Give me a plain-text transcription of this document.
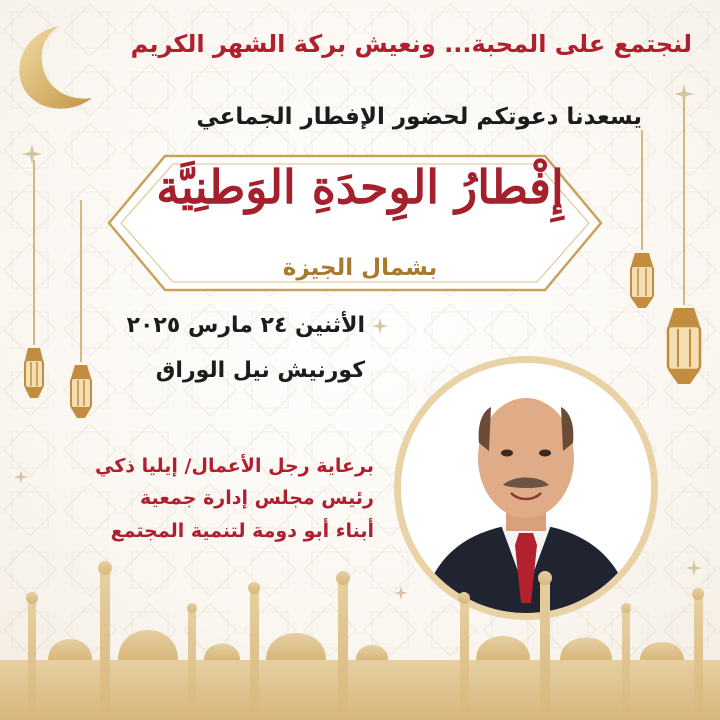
لنجتمع على المحبة... ونعيش بركة الشهر الكريم
يسعدنا دعوتكم لحضور الإفطار الجماعي
إِفْطارُ الوِحدَةِ الوَطنِيَّة
بشمال الجيزة
الأثنين ٢٤ مارس ٢٠٢٥
كورنيش نيل الوراق
برعاية رجل الأعمال/ إيليا ذكي
رئيس مجلس إدارة جمعية
أبناء أبو دومة لتنمية المجتمع
